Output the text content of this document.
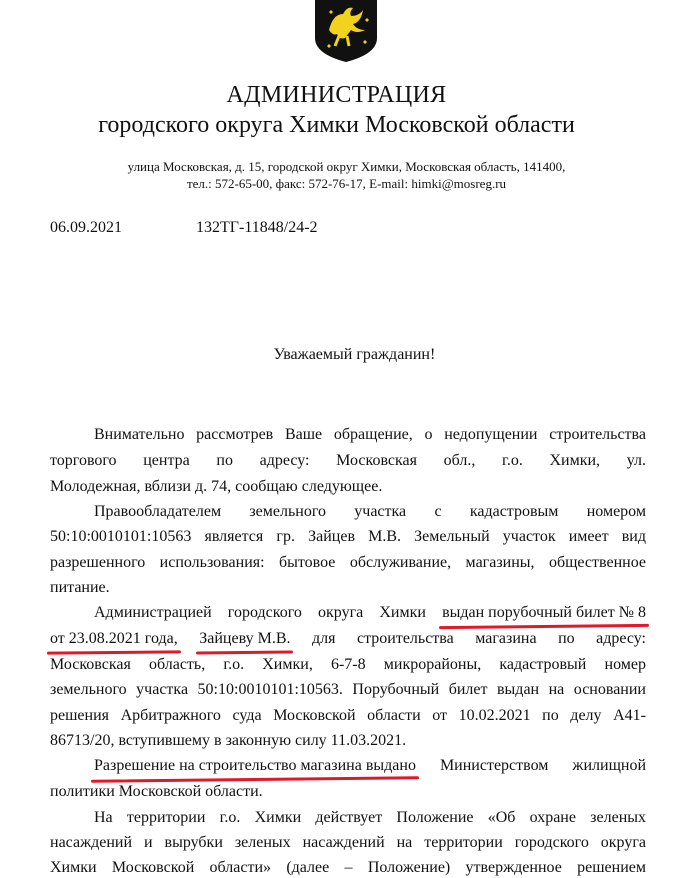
АДМИНИСТРАЦИЯ
городского округа Химки Московской области
улица Московская, д. 15, городской округ Химки, Московская область, 141400,
тел.: 572-65-00, факс: 572-76-17, E-mail: himki@mosreg.ru
06.09.2021	132ТГ-11848/24-2
Уважаемый гражданин!
Внимательно рассмотрев Ваше обращение, о недопущении строительства
торгового центра по адресу: Московская обл., г.о. Химки, ул.
Молодежная, вблизи д. 74, сообщаю следующее.
Правообладателем земельного участка с кадастровым номером
50:10:0010101:10563 является гр. Зайцев М.В. Земельный участок имеет вид
разрешенного использования: бытовое обслуживание, магазины, общественное
питание.
Администрацией городского округа Химки выдан порубочный билет № 8
от 23.08.2021 года, Зайцеву М.В. для строительства магазина по адресу:
Московская область, г.о. Химки, 6-7-8 микрорайоны, кадастровый номер
земельного участка 50:10:0010101:10563. Порубочный билет выдан на основании
решения Арбитражного суда Московской области от 10.02.2021 по делу А41-
86713/20, вступившему в законную силу 11.03.2021.
Разрешение на строительство магазина выдано Министерством жилищной
политики Московской области.
На территории г.о. Химки действует Положение «Об охране зеленых
насаждений и вырубки зеленых насаждений на территории городского округа
Химки Московской области» (далее – Положение) утвержденное решением
